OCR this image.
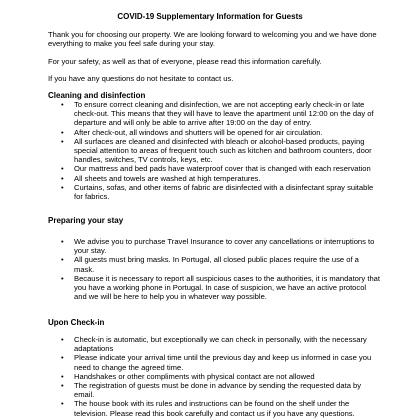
COVID-19 Supplementary Information for Guests
Thank you for choosing our property. We are looking forward to welcoming you and we have done everything to make you feel safe during your stay.
For your safety, as well as that of everyone, please read this information carefully.
If you have any questions do not hesitate to contact us.
Cleaning and disinfection
• To ensure correct cleaning and disinfection, we are not accepting early check-in or late check-out. This means that they will have to leave the apartment until 12:00 on the day of departure and will only be able to arrive after 19:00 on the day of entry.
• After check-out, all windows and shutters will be opened for air circulation.
• All surfaces are cleaned and disinfected with bleach or alcohol-based products, paying special attention to areas of frequent touch such as kitchen and bathroom counters, door handles, switches, TV controls, keys, etc.
• Our mattress and bed pads have waterproof cover that is changed with each reservation
• All sheets and towels are washed at high temperatures.
• Curtains, sofas, and other items of fabric are disinfected with a disinfectant spray suitable for fabrics.
Preparing your stay
• We advise you to purchase Travel Insurance to cover any cancellations or interruptions to your stay.
• All guests must bring masks. In Portugal, all closed public places require the use of a mask.
• Because it is necessary to report all suspicious cases to the authorities, it is mandatory that you have a working phone in Portugal. In case of suspicion, we have an active protocol and we will be here to help you in whatever way possible.
Upon Check-in
• Check-in is automatic, but exceptionally we can check in personally, with the necessary adaptations
• Please indicate your arrival time until the previous day and keep us informed in case you need to change the agreed time.
• Handshakes or other compliments with physical contact are not allowed
• The registration of guests must be done in advance by sending the requested data by email.
• The house book with its rules and instructions can be found on the shelf under the television. Please read this book carefully and contact us if you have any questions.
